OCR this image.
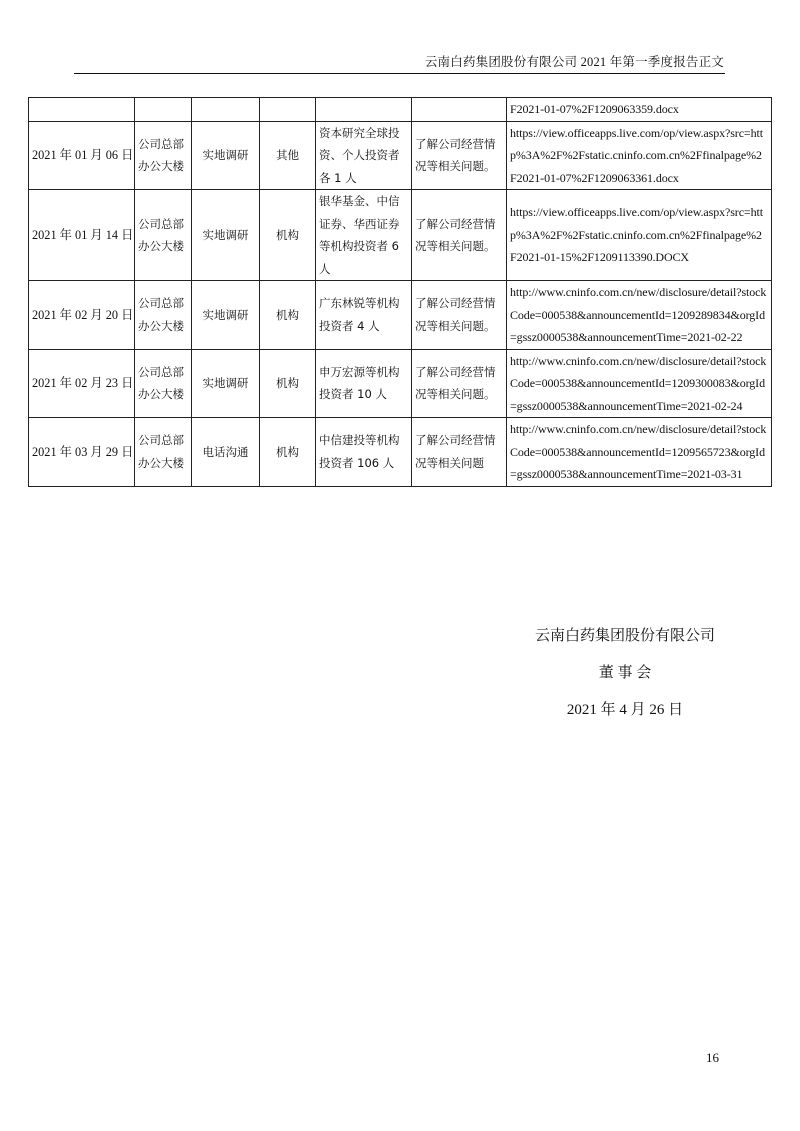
云南白药集团股份有限公司 2021 年第一季度报告正文
						F2021-01-07%2F1209063359.docx
2021 年 01 月 06 日	公司总部办公大楼	实地调研	其他	资本研究全球投资、个人投资者各 1 人	了解公司经营情况等相关问题。	https://view.officeapps.live.com/op/view.aspx?src=http%3A%2F%2Fstatic.cninfo.com.cn%2Ffinalpage%2F2021-01-07%2F1209063361.docx
2021 年 01 月 14 日	公司总部办公大楼	实地调研	机构	银华基金、中信证券、华西证券等机构投资者 6 人	了解公司经营情况等相关问题。	https://view.officeapps.live.com/op/view.aspx?src=http%3A%2F%2Fstatic.cninfo.com.cn%2Ffinalpage%2F2021-01-15%2F1209113390.DOCX
2021 年 02 月 20 日	公司总部办公大楼	实地调研	机构	广东林锐等机构投资者 4 人	了解公司经营情况等相关问题。	http://www.cninfo.com.cn/new/disclosure/detail?stockCode=000538&announcementId=1209289834&orgId=gssz0000538&announcementTime=2021-02-22
2021 年 02 月 23 日	公司总部办公大楼	实地调研	机构	申万宏源等机构投资者 10 人	了解公司经营情况等相关问题。	http://www.cninfo.com.cn/new/disclosure/detail?stockCode=000538&announcementId=1209300083&orgId=gssz0000538&announcementTime=2021-02-24
2021 年 03 月 29 日	公司总部办公大楼	电话沟通	机构	中信建投等机构投资者 106 人	了解公司经营情况等相关问题	http://www.cninfo.com.cn/new/disclosure/detail?stockCode=000538&announcementId=1209565723&orgId=gssz0000538&announcementTime=2021-03-31
云南白药集团股份有限公司
董 事 会
2021 年 4 月 26 日
16
